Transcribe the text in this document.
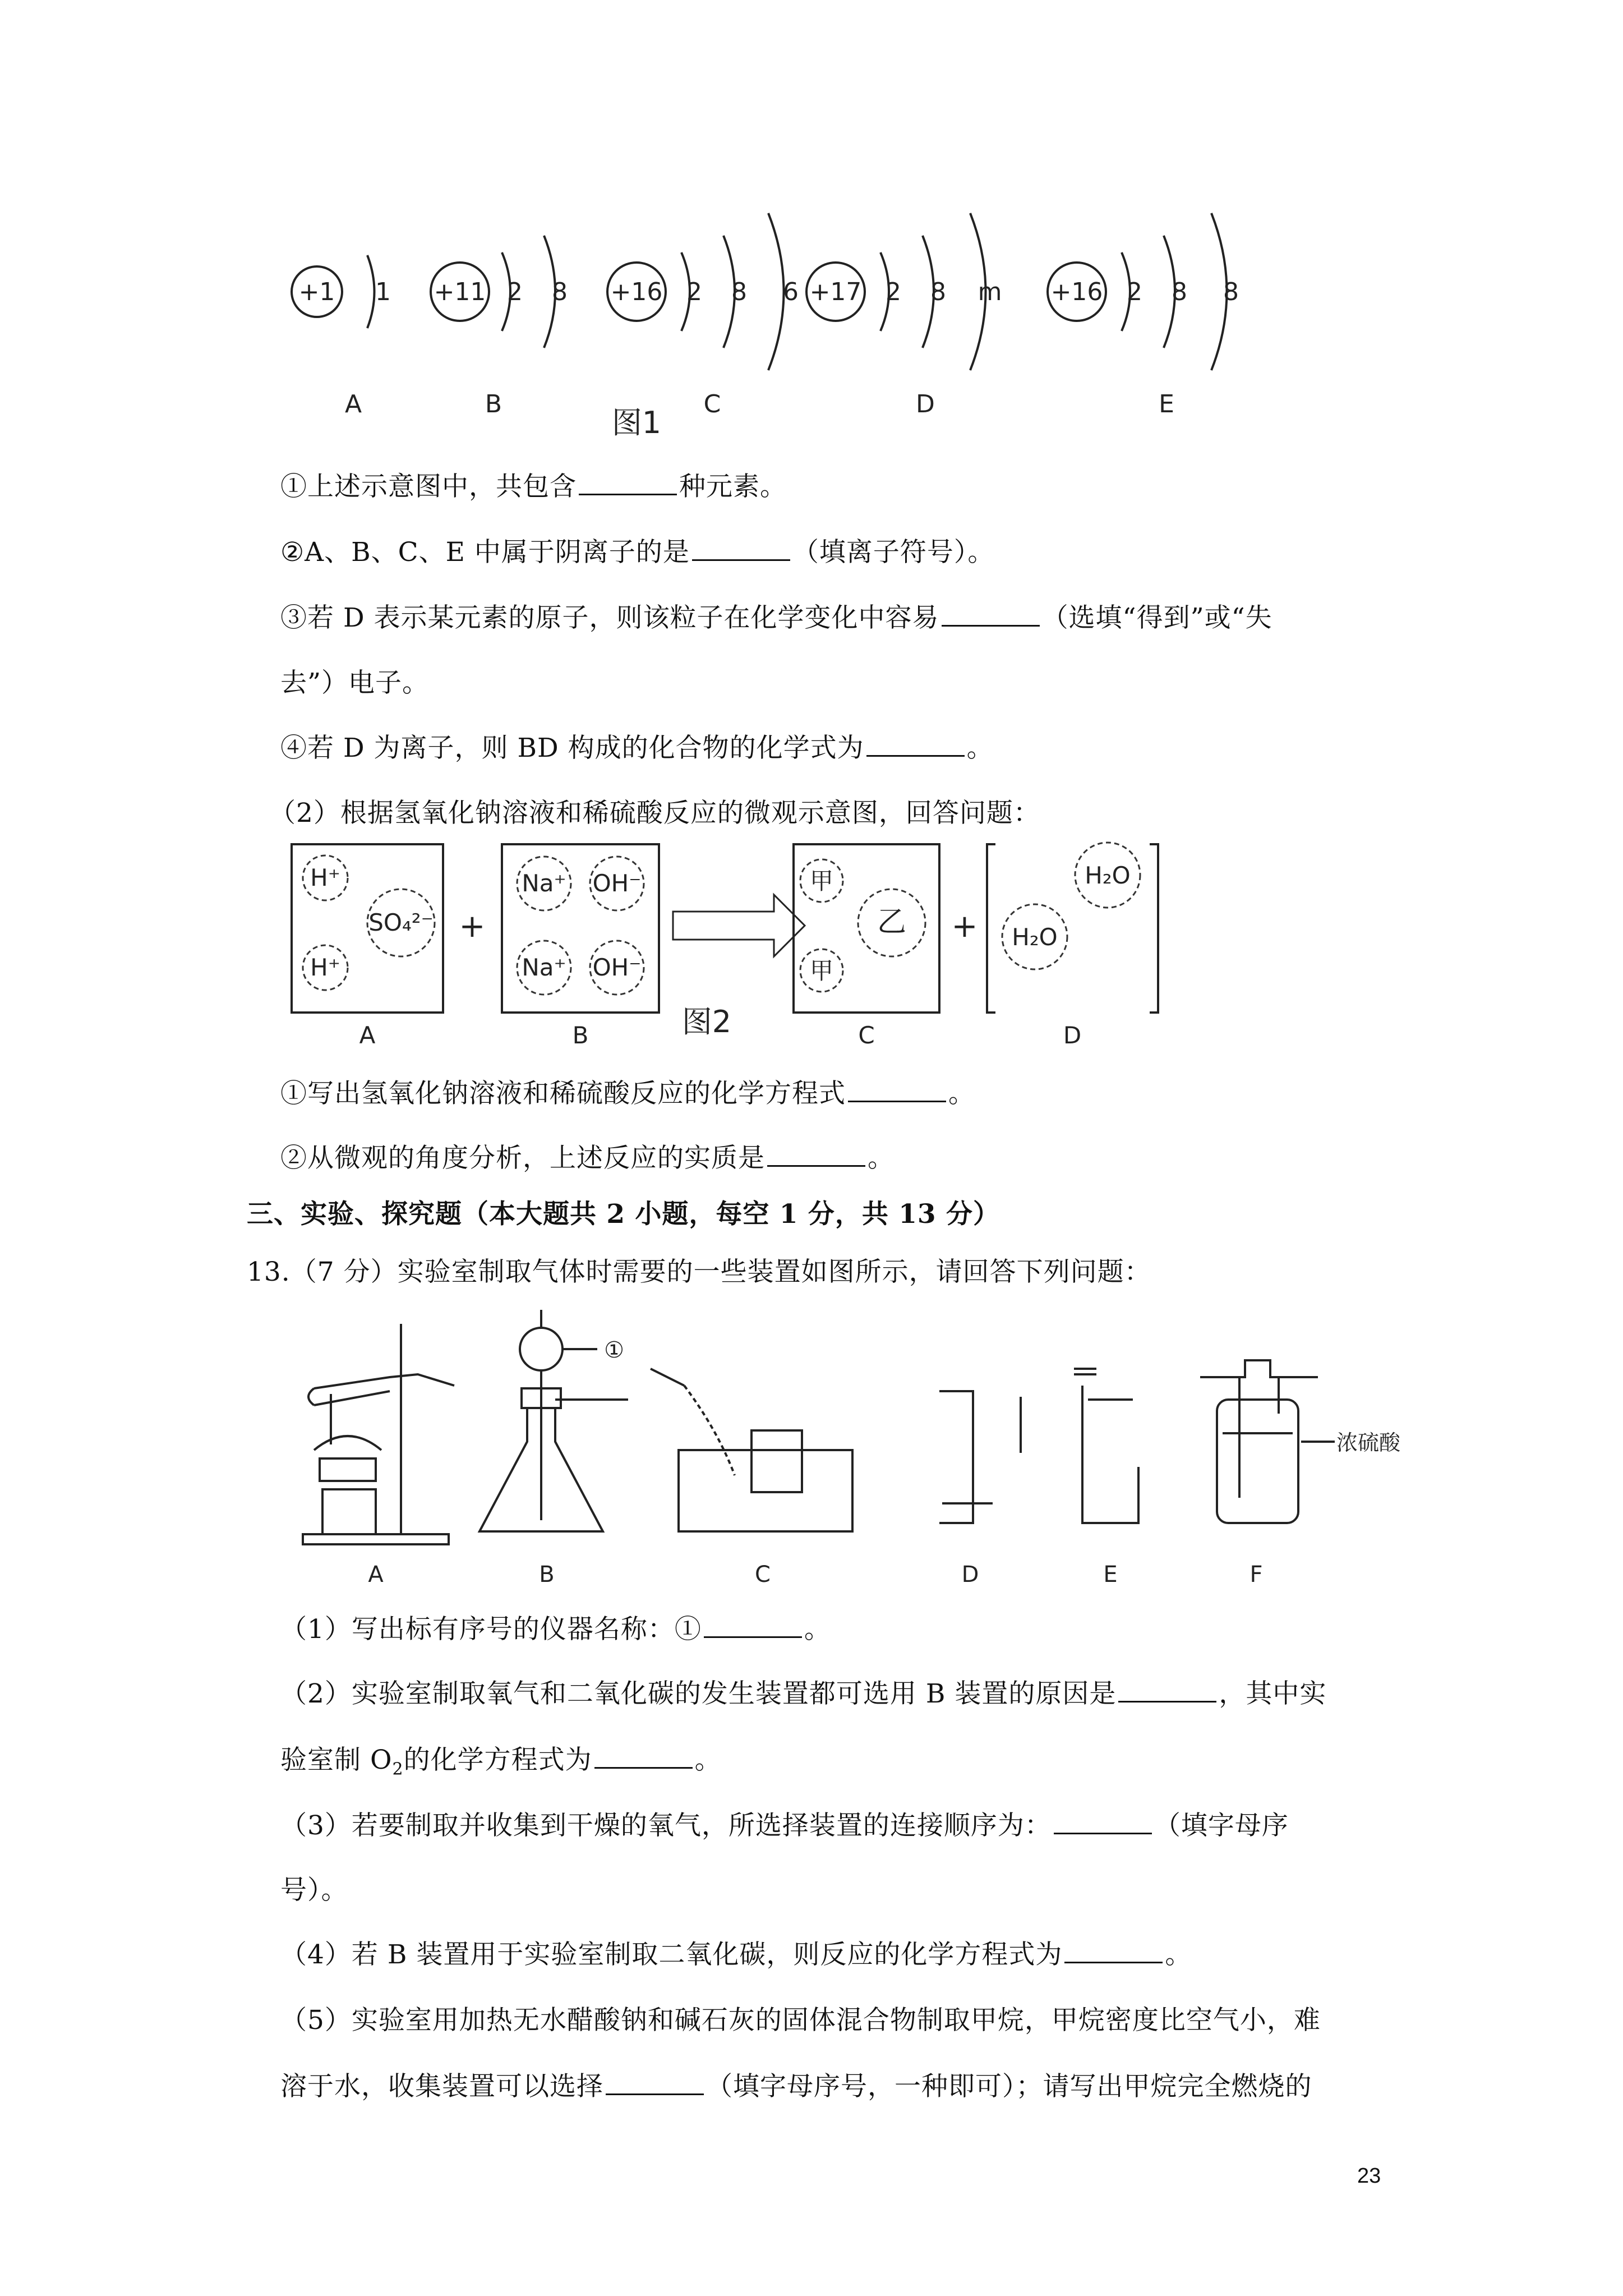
+1 1 +11 2 8 +16 2 8 6 +17 2 8 m +16 2 8 8
A	B	C	D	E
图1
①上述示意图中，共包含	种元素。
②A、B、C、E 中属于阴离子的是	（填离子符号）。
③若 D 表示某元素的原子，则该粒子在化学变化中容易	（选填“得到”或“失
去”）电子。
④若 D 为离子，则 BD 构成的化合物的化学式为	。
（2）根据氢氧化钠溶液和稀硫酸反应的微观示意图，回答问题：
H⁺
H⁺
SO₄²⁻
Na⁺ OH⁻
Na⁺ OH⁻
甲
甲
乙
H₂O
H₂O
+	+
A	B	C	D
图2
①写出氢氧化钠溶液和稀硫酸反应的化学方程式	。
②从微观的角度分析，上述反应的实质是	。
三、实验、探究题（本大题共 2 小题，每空 1 分，共 13 分）
13.（7 分）实验室制取气体时需要的一些装置如图所示，请回答下列问题：
A	B	C	D	E	F
①
浓硫酸
（1）写出标有序号的仪器名称：①	。
（2）实验室制取氧气和二氧化碳的发生装置都可选用 B 装置的原因是	，其中实
验室制 $O_2$的化学方程式为	。
（3）若要制取并收集到干燥的氧气，所选择装置的连接顺序为：	（填字母序
号）。
（4）若 B 装置用于实验室制取二氧化碳，则反应的化学方程式为	。
（5）实验室用加热无水醋酸钠和碱石灰的固体混合物制取甲烷，甲烷密度比空气小，难
溶于水，收集装置可以选择	（填字母序号，一种即可）；请写出甲烷完全燃烧的
23
